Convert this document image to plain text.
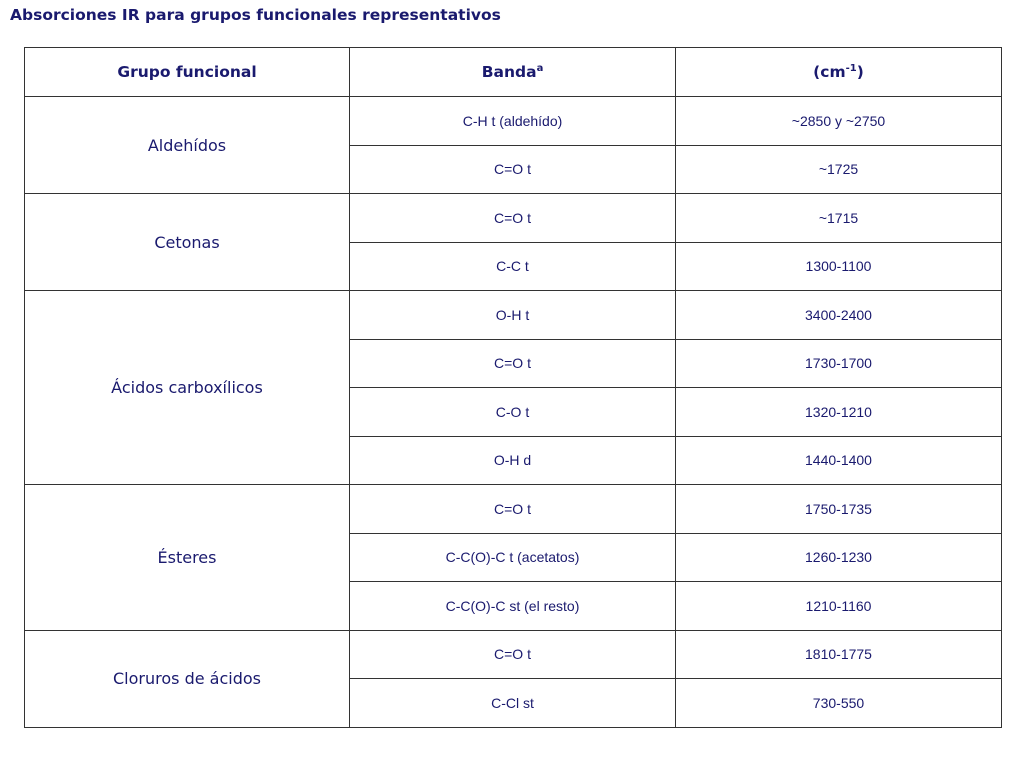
Absorciones IR para grupos funcionales representativos
Grupo funcional	Banda$^a$	$(cm^{-1})$
Aldehídos	C-H t (aldehído)	~2850 y ~2750
	C=O t	~1725
Cetonas	C=O t	~1715
	C-C t	1300-1100
Ácidos carboxílicos	O-H t	3400-2400
	C=O t	1730-1700
	C-O t	1320-1210
	O-H d	1440-1400
Ésteres	C=O t	1750-1735
	C-C(O)-C t (acetatos)	1260-1230
	C-C(O)-C st (el resto)	1210-1160
Cloruros de ácidos	C=O t	1810-1775
	C-Cl st	730-550
